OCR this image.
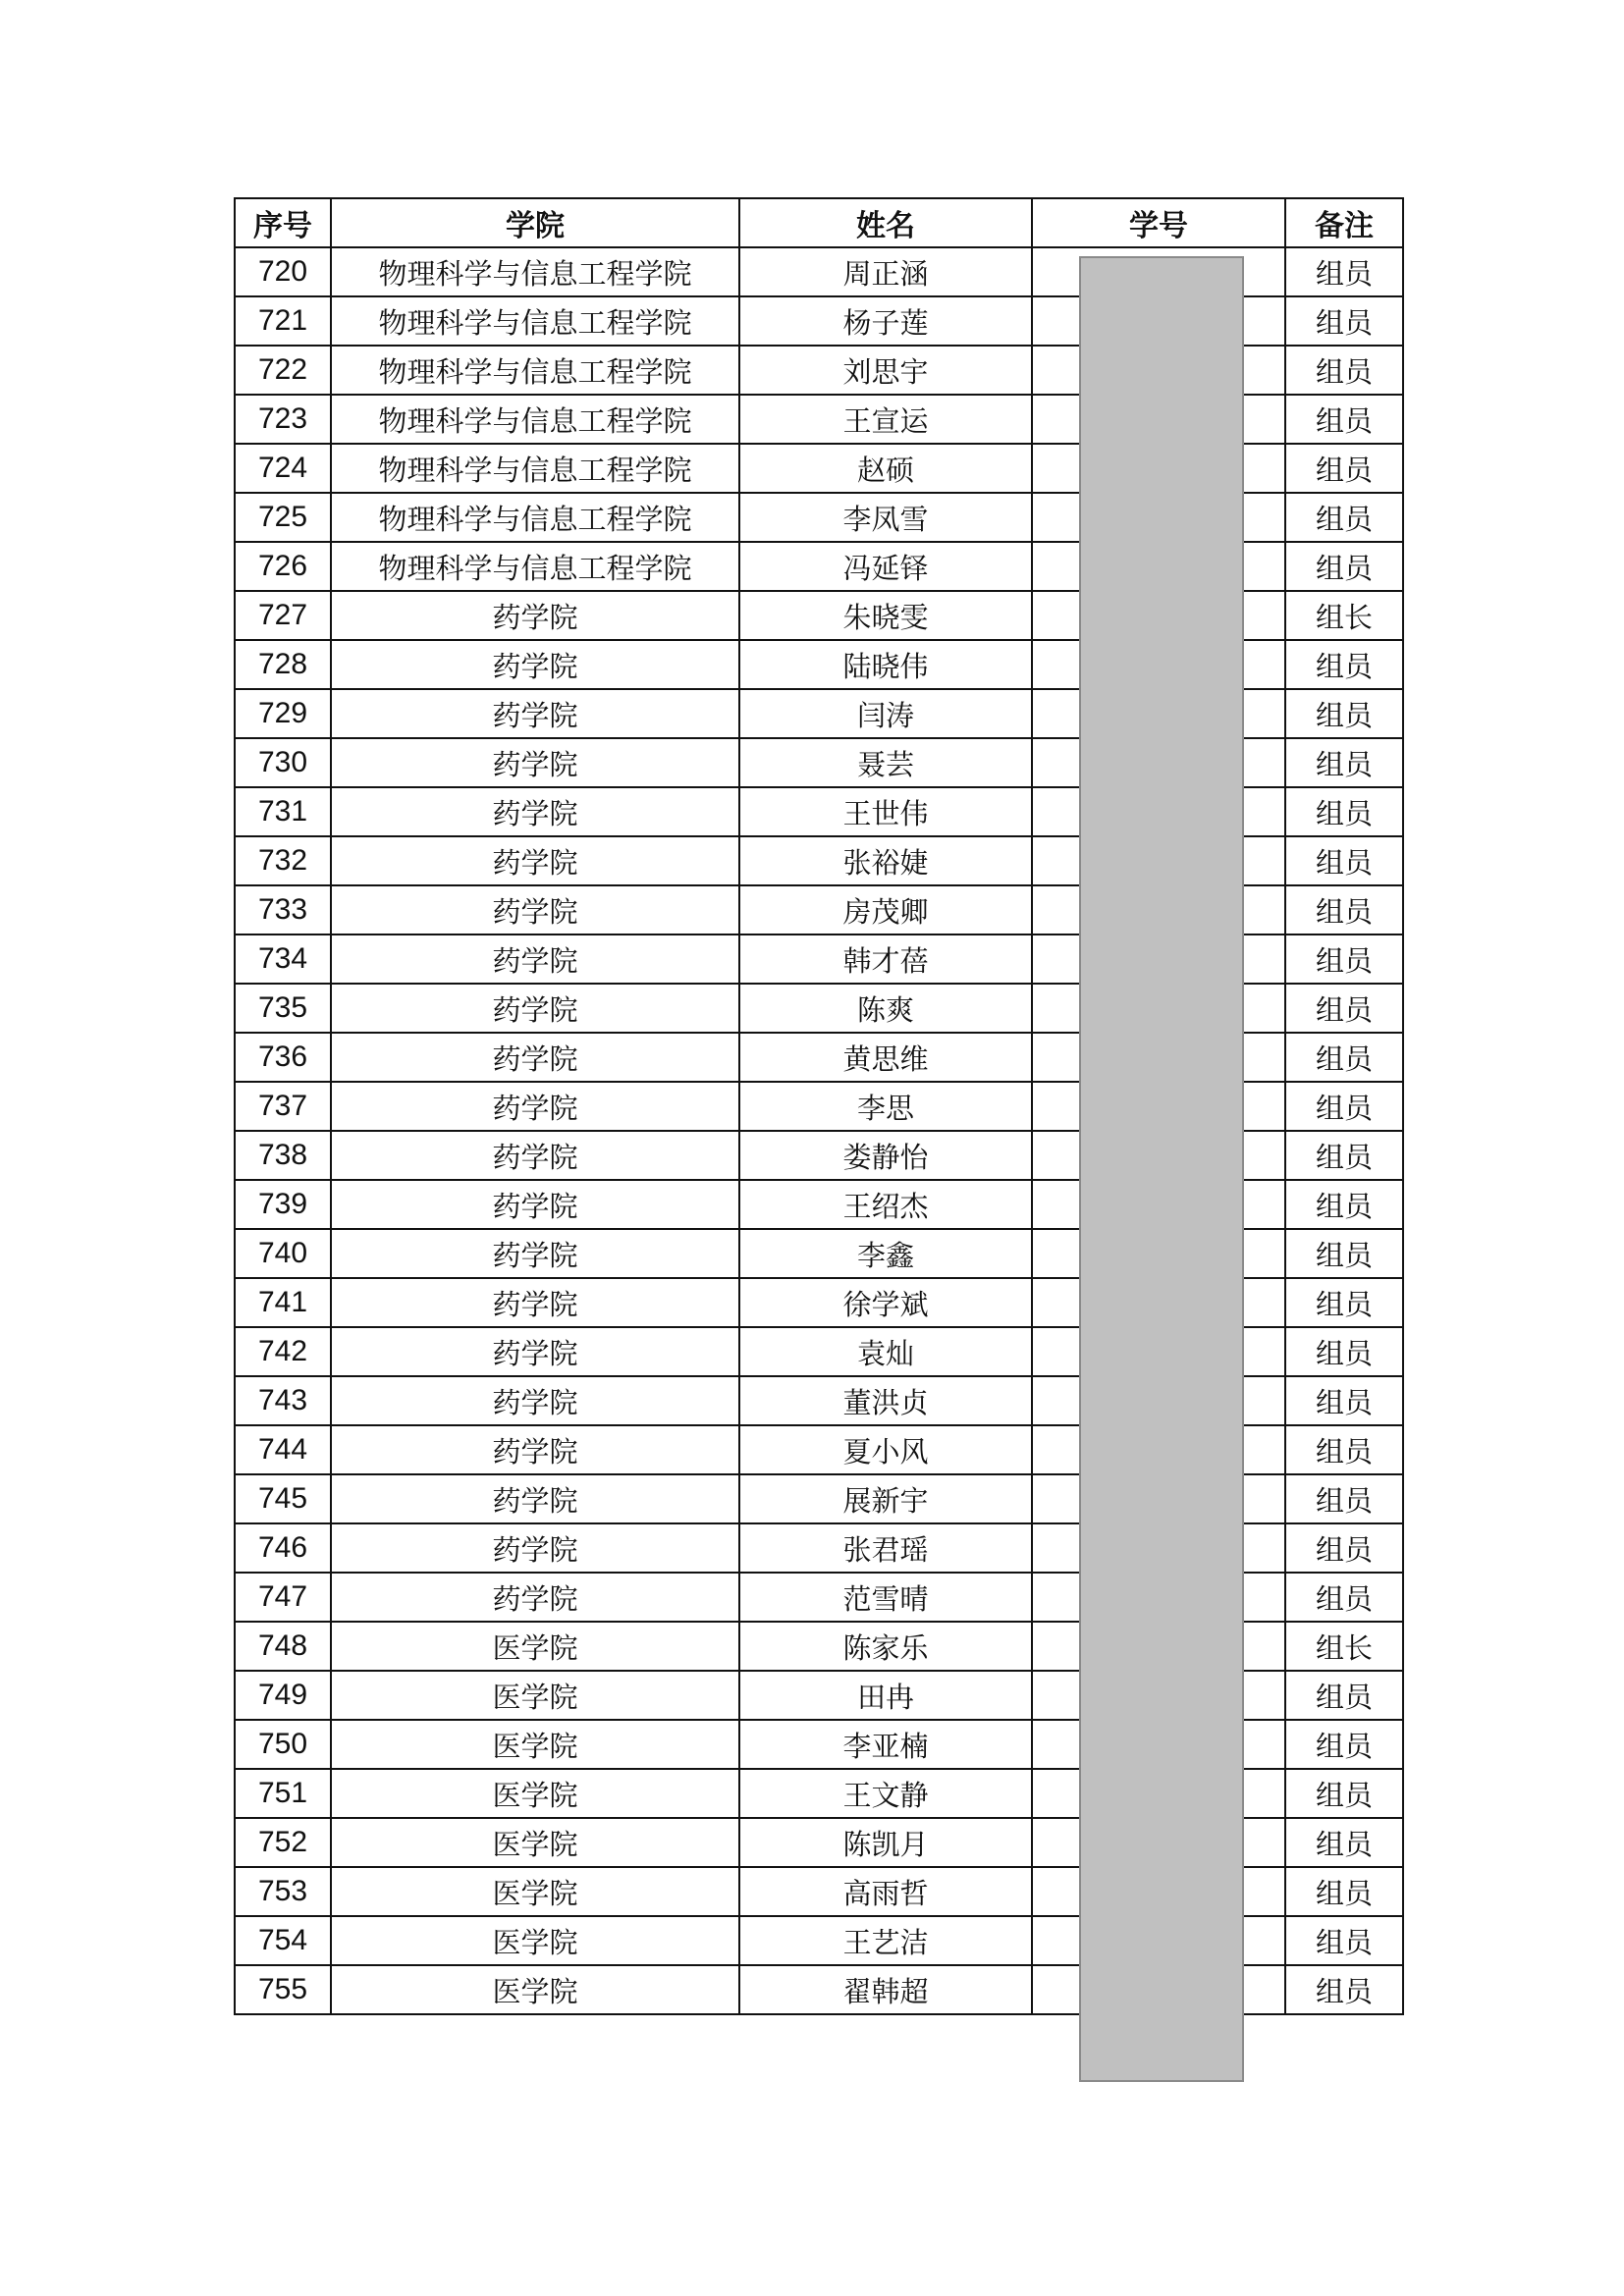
序号	学院	姓名	学号	备注
720	物理科学与信息工程学院	周正涵		组员
721	物理科学与信息工程学院	杨子莲		组员
722	物理科学与信息工程学院	刘思宇		组员
723	物理科学与信息工程学院	王宣运		组员
724	物理科学与信息工程学院	赵硕		组员
725	物理科学与信息工程学院	李凤雪		组员
726	物理科学与信息工程学院	冯延铎		组员
727	药学院	朱晓雯		组长
728	药学院	陆晓伟		组员
729	药学院	闫涛		组员
730	药学院	聂芸		组员
731	药学院	王世伟		组员
732	药学院	张裕婕		组员
733	药学院	房茂卿		组员
734	药学院	韩才蓓		组员
735	药学院	陈爽		组员
736	药学院	黄思维		组员
737	药学院	李思		组员
738	药学院	娄静怡		组员
739	药学院	王绍杰		组员
740	药学院	李鑫		组员
741	药学院	徐学斌		组员
742	药学院	袁灿		组员
743	药学院	董洪贞		组员
744	药学院	夏小风		组员
745	药学院	展新宇		组员
746	药学院	张君瑶		组员
747	药学院	范雪晴		组员
748	医学院	陈家乐		组长
749	医学院	田冉		组员
750	医学院	李亚楠		组员
751	医学院	王文静		组员
752	医学院	陈凯月		组员
753	医学院	高雨哲		组员
754	医学院	王艺洁		组员
755	医学院	翟韩超		组员
